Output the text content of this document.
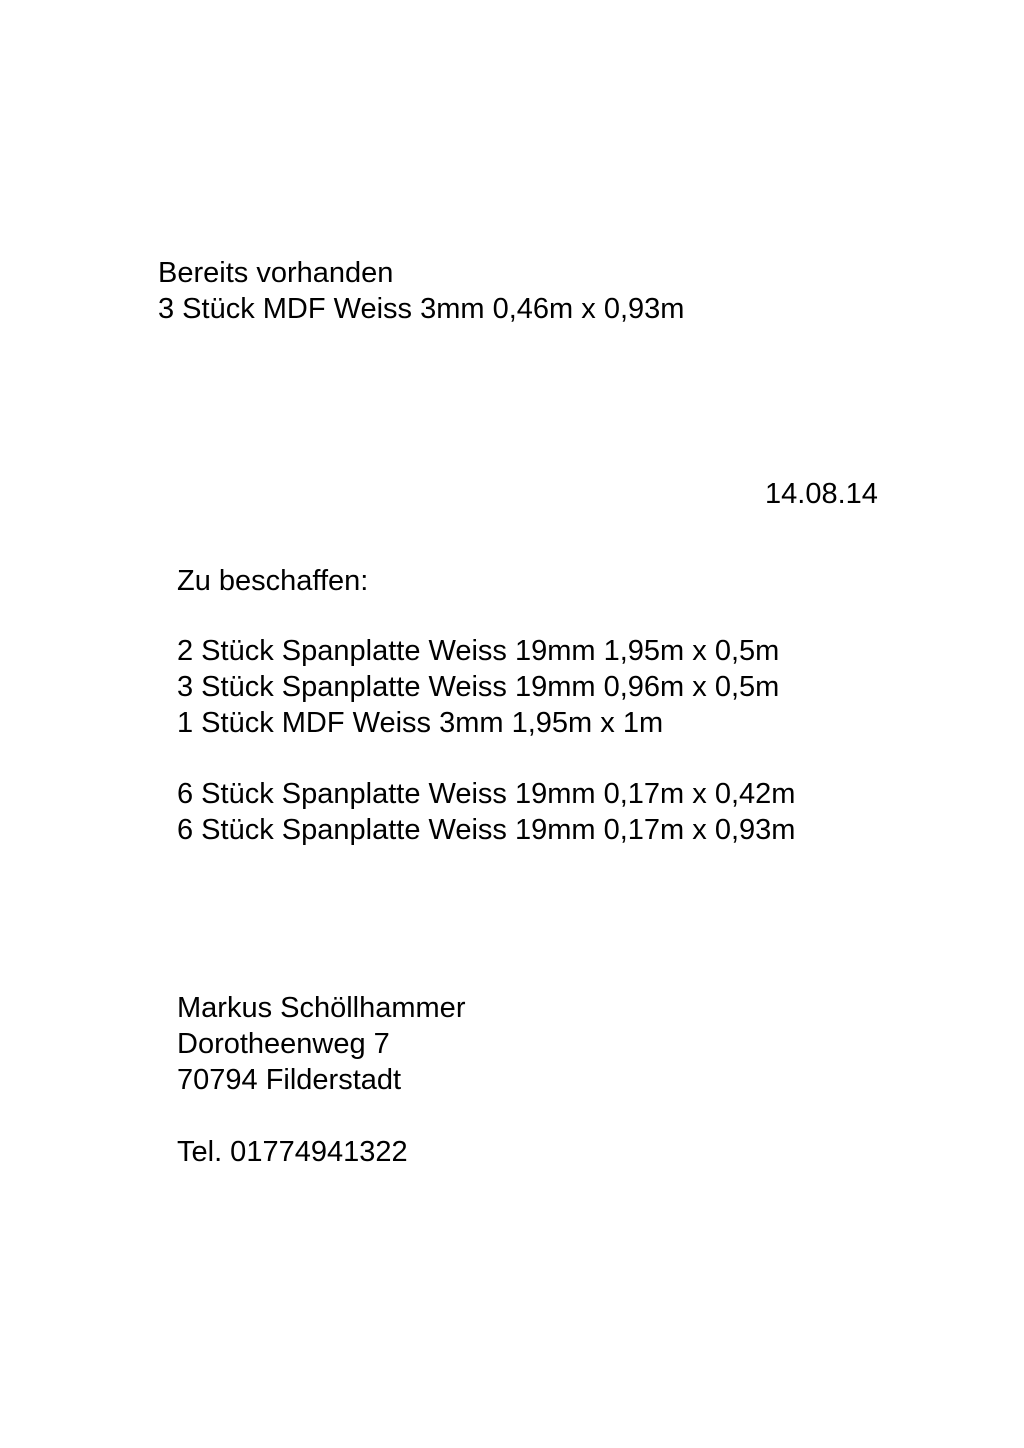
Bereits vorhanden

3 Stück MDF Weiss 3mm 0,46m x 0,93m

14.08.14

Zu beschaffen:

2 Stück Spanplatte Weiss 19mm 1,95m x 0,5m

3 Stück Spanplatte Weiss 19mm 0,96m x 0,5m

1 Stück MDF Weiss 3mm 1,95m x 1m

6 Stück Spanplatte Weiss 19mm 0,17m x 0,42m

6 Stück Spanplatte Weiss 19mm 0,17m x 0,93m

Markus Schöllhammer

Dorotheenweg 7

70794 Filderstadt

Tel. 01774941322
